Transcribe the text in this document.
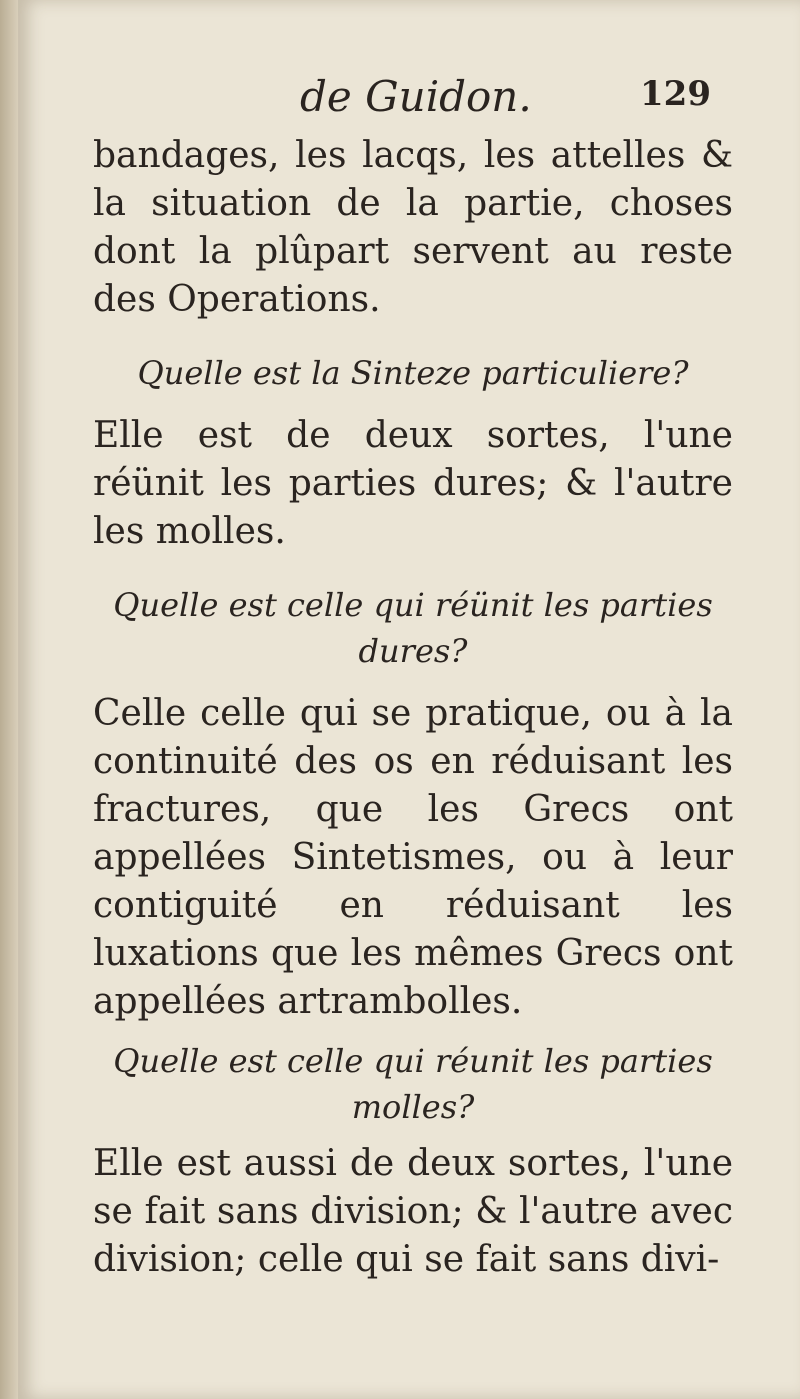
de Guidon.	129

bandages, les lacqs, les attelles & la situation de la partie, choses dont la plûpart servent au reste des Operations.

Quelle est la Sinteze particuliere?

Elle est de deux sortes, l'une réünit les parties dures; & l'autre les molles.

Quelle est celle qui réünit les parties dures?

Celle celle qui se pratique, ou à la continuité des os en réduisant les fractures, que les Grecs ont appellées Sintetismes, ou à leur contiguité en réduisant les luxations que les mêmes Grecs ont appellées artrambolles.

Quelle est celle qui réunit les parties molles?

Elle est aussi de deux sortes, l'une se fait sans division; & l'autre avec division; celle qui se fait sans divi-
